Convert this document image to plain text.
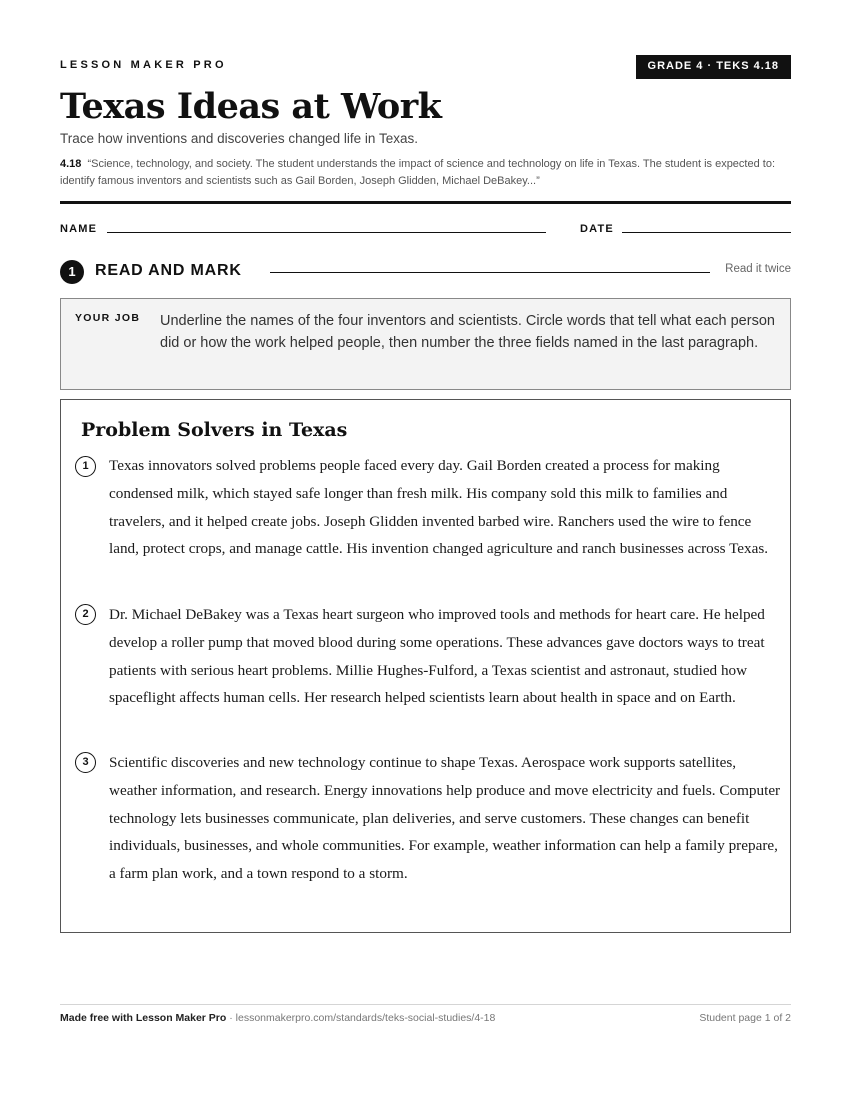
LESSON MAKER PRO	GRADE 4 · TEKS 4.18
Texas Ideas at Work
Trace how inventions and discoveries changed life in Texas.
4.18 “Science, technology, and society. The student understands the impact of science and technology on life in Texas. The student is expected to: identify famous inventors and scientists such as Gail Borden, Joseph Glidden, Michael DeBakey...”
NAME	DATE
1	READ AND MARK	Read it twice
YOUR JOB Underline the names of the four inventors and scientists. Circle words that tell what each person did or how the work helped people, then number the three fields named in the last paragraph.
Problem Solvers in Texas
1	Texas innovators solved problems people faced every day. Gail Borden created a process for making condensed milk, which stayed safe longer than fresh milk. His company sold this milk to families and travelers, and it helped create jobs. Joseph Glidden invented barbed wire. Ranchers used the wire to fence land, protect crops, and manage cattle. His invention changed agriculture and ranch businesses across Texas.

2	Dr. Michael DeBakey was a Texas heart surgeon who improved tools and methods for heart care. He helped develop a roller pump that moved blood during some operations. These advances gave doctors ways to treat patients with serious heart problems. Millie Hughes-Fulford, a Texas scientist and astronaut, studied how spaceflight affects human cells. Her research helped scientists learn about health in space and on Earth.

3	Scientific discoveries and new technology continue to shape Texas. Aerospace work supports satellites, weather information, and research. Energy innovations help produce and move electricity and fuels. Computer technology lets businesses communicate, plan deliveries, and serve customers. These changes can benefit individuals, businesses, and whole communities. For example, weather information can help a family prepare, a farm plan work, and a town respond to a storm.

Made free with Lesson Maker Pro · lessonmakerpro.com/standards/teks-social-studies/4-18	Student page 1 of 2
